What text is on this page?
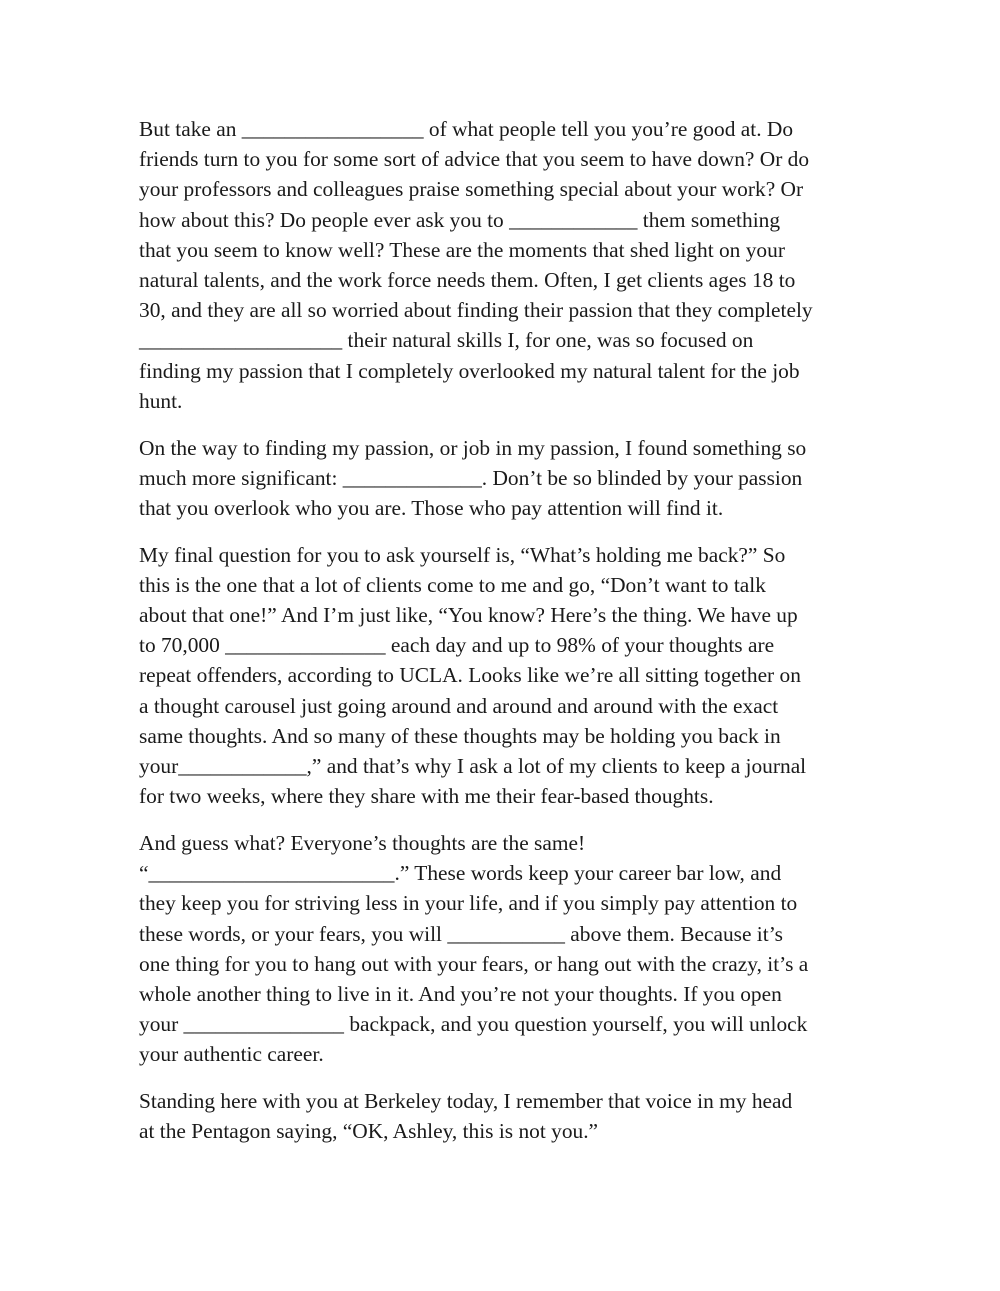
But take an _________________ of what people tell you you’re good at. Do
friends turn to you for some sort of advice that you seem to have down? Or do
your professors and colleagues praise something special about your work? Or
how about this? Do people ever ask you to ____________ them something
that you seem to know well? These are the moments that shed light on your
natural talents, and the work force needs them. Often, I get clients ages 18 to
30, and they are all so worried about finding their passion that they completely
___________________ their natural skills I, for one, was so focused on
finding my passion that I completely overlooked my natural talent for the job
hunt.

On the way to finding my passion, or job in my passion, I found something so
much more significant: _____________. Don’t be so blinded by your passion
that you overlook who you are. Those who pay attention will find it.

My final question for you to ask yourself is, “What’s holding me back?” So
this is the one that a lot of clients come to me and go, “Don’t want to talk
about that one!” And I’m just like, “You know? Here’s the thing. We have up
to 70,000 _______________ each day and up to 98% of your thoughts are
repeat offenders, according to UCLA. Looks like we’re all sitting together on
a thought carousel just going around and around and around with the exact
same thoughts. And so many of these thoughts may be holding you back in
your____________,” and that’s why I ask a lot of my clients to keep a journal
for two weeks, where they share with me their fear-based thoughts.

And guess what? Everyone’s thoughts are the same!
“_______________________.” These words keep your career bar low, and
they keep you for striving less in your life, and if you simply pay attention to
these words, or your fears, you will ___________ above them. Because it’s
one thing for you to hang out with your fears, or hang out with the crazy, it’s a
whole another thing to live in it. And you’re not your thoughts. If you open
your _______________ backpack, and you question yourself, you will unlock
your authentic career.

Standing here with you at Berkeley today, I remember that voice in my head
at the Pentagon saying, “OK, Ashley, this is not you.”
